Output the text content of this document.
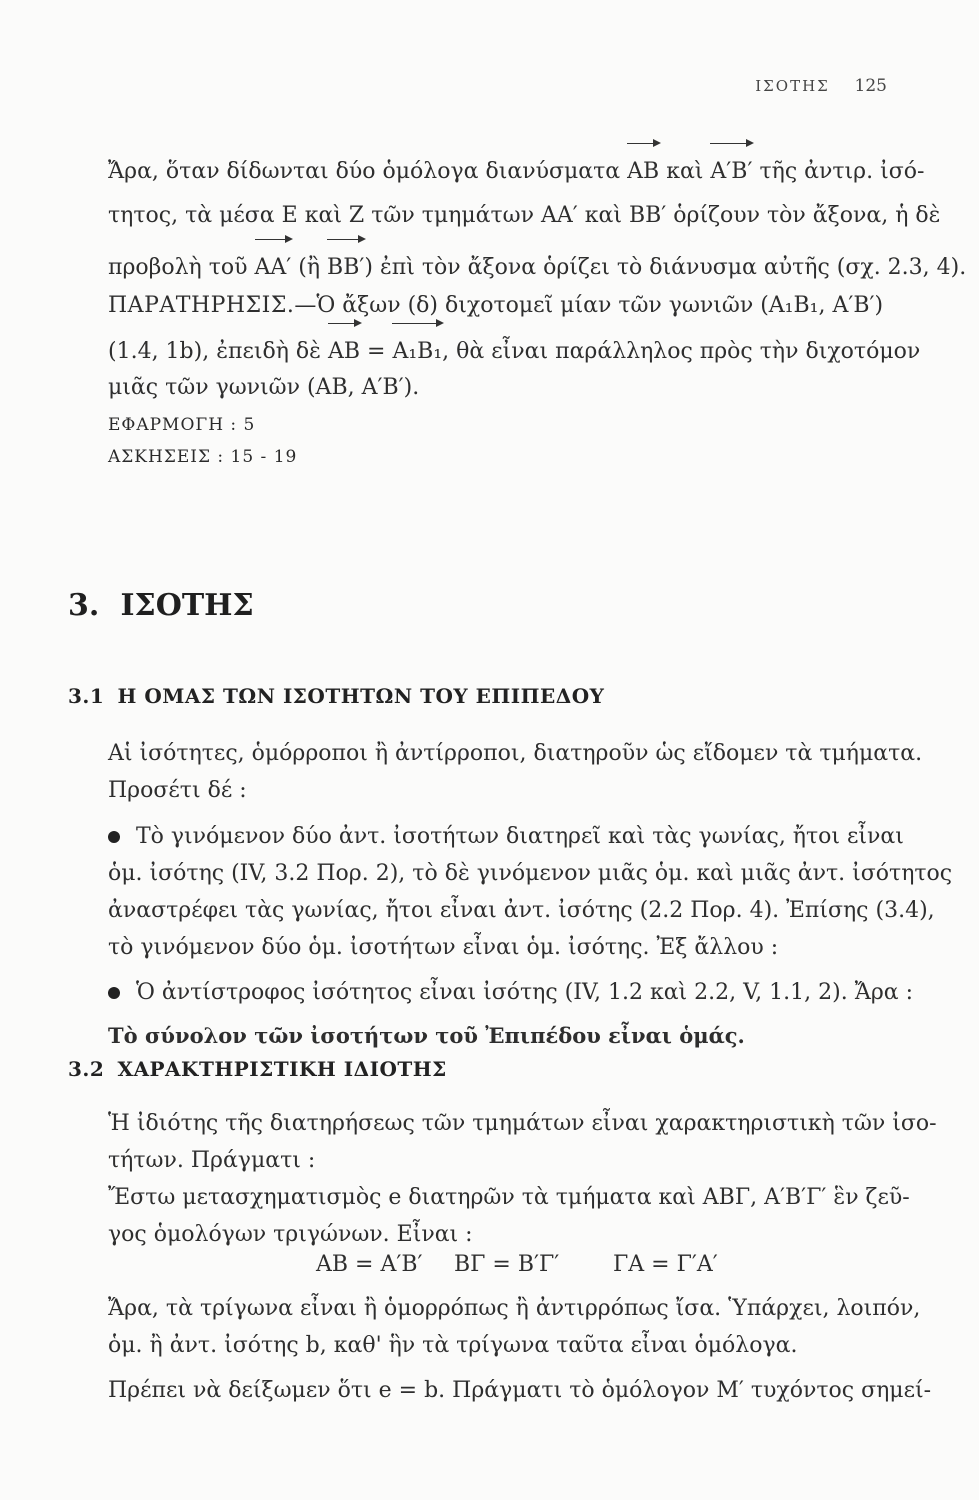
ΙΣΟΤΗΣ 125
Ἄρα, ὅταν δίδωνται δύο ὁμόλογα διανύσματα AB καὶ A′B′ τῆς ἀντιρ. ἰσό-
τητος, τὰ μέσα E καὶ Z τῶν τμημάτων AA′ καὶ BB′ ὁρίζουν τὸν ἄξονα, ἡ δὲ
προβολὴ τοῦ AA′ (ἢ BB′) ἐπὶ τὸν ἄξονα ὁρίζει τὸ διάνυσμα αὐτῆς (σχ. 2.3, 4).
ΠΑΡΑΤΗΡΗΣΙΣ.—Ὁ ἄξων (δ) διχοτομεῖ μίαν τῶν γωνιῶν (A₁B₁, A′B′)
(1.4, 1b), ἐπειδὴ δὲ AB = A₁B₁, θὰ εἶναι παράλληλος πρὸς τὴν διχοτόμον
μιᾶς τῶν γωνιῶν (AB, A′B′).
ΕΦΑΡΜΟΓΗ : 5
ΑΣΚΗΣΕΙΣ : 15 - 19
3. ΙΣΟΤΗΣ
3.1 Η ΟΜΑΣ ΤΩΝ ΙΣΟΤΗΤΩΝ ΤΟΥ ΕΠΙΠΕΔΟΥ
Αἱ ἰσότητες, ὁμόρροποι ἢ ἀντίρροποι, διατηροῦν ὡς εἴδομεν τὰ τμήματα.
Προσέτι δέ :
Τὸ γινόμενον δύο ἀντ. ἰσοτήτων διατηρεῖ καὶ τὰς γωνίας, ἤτοι εἶναι
ὁμ. ἰσότης (IV, 3.2 Πορ. 2), τὸ δὲ γινόμενον μιᾶς ὁμ. καὶ μιᾶς ἀντ. ἰσότητος
ἀναστρέφει τὰς γωνίας, ἤτοι εἶναι ἀντ. ἰσότης (2.2 Πορ. 4). Ἐπίσης (3.4),
τὸ γινόμενον δύο ὁμ. ἰσοτήτων εἶναι ὁμ. ἰσότης. Ἐξ ἄλλου :
Ὁ ἀντίστροφος ἰσότητος εἶναι ἰσότης (IV, 1.2 καὶ 2.2, V, 1.1, 2). Ἄρα :
Τὸ σύνολον τῶν ἰσοτήτων τοῦ Ἐπιπέδου εἶναι ὁμάς.
3.2 ΧΑΡΑΚΤΗΡΙΣΤΙΚΗ ΙΔΙΟΤΗΣ
Ἡ ἰδιότης τῆς διατηρήσεως τῶν τμημάτων εἶναι χαρακτηριστικὴ τῶν ἰσο-
τήτων. Πράγματι :
Ἔστω μετασχηματισμὸς e διατηρῶν τὰ τμήματα καὶ ΑΒΓ, A′B′Γ′ ἓν ζεῦ-
γος ὁμολόγων τριγώνων. Εἶναι :
AB = A′B′ ΒΓ = B′Γ′ ΓΑ = Γ′A′
Ἄρα, τὰ τρίγωνα εἶναι ἢ ὁμορρόπως ἢ ἀντιρρόπως ἴσα. Ὑπάρχει, λοιπόν,
ὁμ. ἢ ἀντ. ἰσότης b, καθ' ἣν τὰ τρίγωνα ταῦτα εἶναι ὁμόλογα.
Πρέπει νὰ δείξωμεν ὅτι e = b. Πράγματι τὸ ὁμόλογον M′ τυχόντος σημεί-
